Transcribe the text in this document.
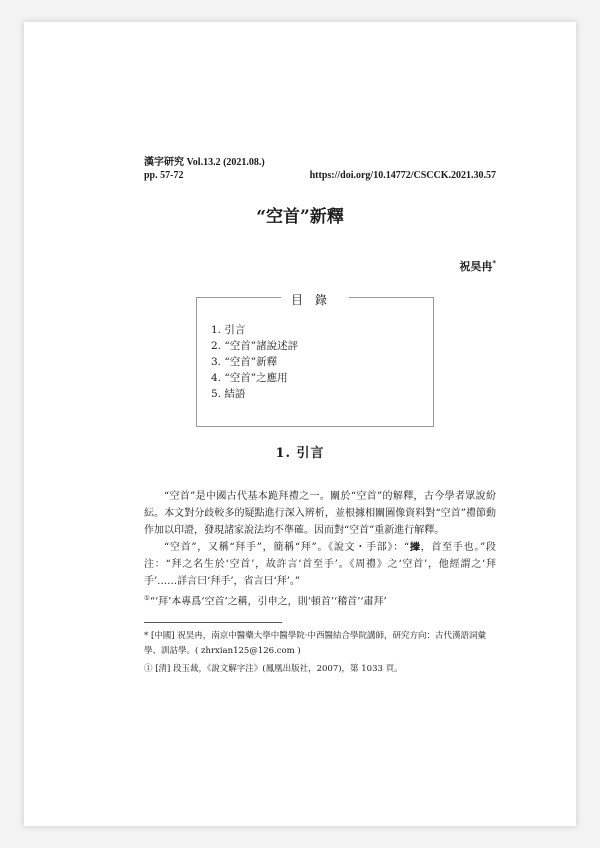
漢字研究 Vol.13.2 (2021.08.)
pp. 57-72	https://doi.org/10.14772/CSCCK.2021.30.57
“空首”新釋
祝昊冉*
目錄
1. 引言
2. “空首”諸說述評
3. “空首”新釋
4. “空首”之應用
5. 結語
1. 引言

“空首”是中國古代基本跪拜禮之一。關於“空首”的解釋，古今學者眾說紛紜。本文對分歧較多的疑點進行深入辨析，並根據相關圖像資料對“空首”禮節動作加以印證，發現諸家說法均不準確。因而對“空首”重新進行解釋。

“空首”，又稱“拜手”，簡稱“拜”。《說文・手部》：“𢷎，首至手也。”段注：“拜之名生於‘空首’，故許言‘首至手’。《周禮》之‘空首’，他經謂之‘拜手’……詳言曰‘拜手’，省言曰‘拜’。”
①“‘拜’本專爲‘空首’之稱，引申之，則‘頓首’‘稽首’‘肅拜’

* [中國] 祝昊冉，南京中醫藥大學中醫學院·中西醫結合學院講師，研究方向：古代漢語詞彙學、訓詁學。( zhrxian125@126.com )

① [清] 段玉裁，《說文解字注》(鳳凰出版社，2007)，第 1033 頁。
